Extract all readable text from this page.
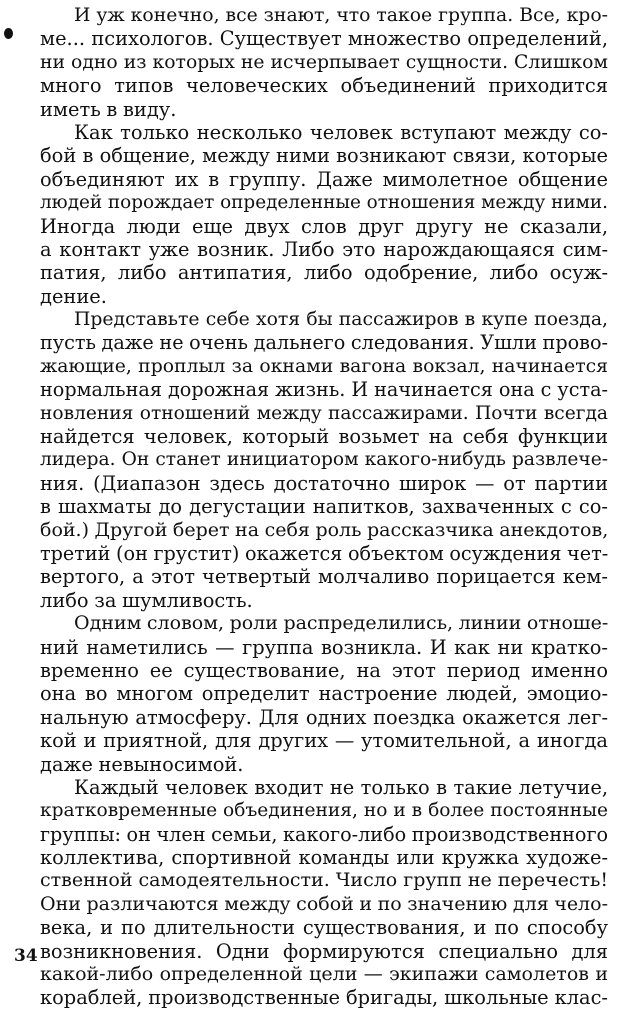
И уж конечно, все знают, что такое группа. Все, кро-
ме... психологов. Существует множество определений,
ни одно из которых не исчерпывает сущности. Слишком
много типов человеческих объединений приходится
иметь в виду.
Как только несколько человек вступают между со-
бой в общение, между ними возникают связи, которые
объединяют их в группу. Даже мимолетное общение
людей порождает определенные отношения между ними.
Иногда люди еще двух слов друг другу не сказали,
а контакт уже возник. Либо это нарождающаяся сим-
патия, либо антипатия, либо одобрение, либо осуж-
дение.
Представьте себе хотя бы пассажиров в купе поезда,
пусть даже не очень дальнего следования. Ушли прово-
жающие, проплыл за окнами вагона вокзал, начинается
нормальная дорожная жизнь. И начинается она с уста-
новления отношений между пассажирами. Почти всегда
найдется человек, который возьмет на себя функции
лидера. Он станет инициатором какого-нибудь развлече-
ния. (Диапазон здесь достаточно широк — от партии
в шахматы до дегустации напитков, захваченных с со-
бой.) Другой берет на себя роль рассказчика анекдотов,
третий (он грустит) окажется объектом осуждения чет-
вертого, а этот четвертый молчаливо порицается кем-
либо за шумливость.
Одним словом, роли распределились, линии отноше-
ний наметились — группа возникла. И как ни кратко-
временно ее существование, на этот период именно
она во многом определит настроение людей, эмоцио-
нальную атмосферу. Для одних поездка окажется лег-
кой и приятной, для других — утомительной, а иногда
даже невыносимой.
Каждый человек входит не только в такие летучие,
кратковременные объединения, но и в более постоянные
группы: он член семьи, какого-либо производственного
коллектива, спортивной команды или кружка художе-
ственной самодеятельности. Число групп не перечесть!
Они различаются между собой и по значению для чело-
века, и по длительности существования, и по способу
возникновения. Одни формируются специально для
какой-либо определенной цели — экипажи самолетов и
кораблей, производственные бригады, школьные клас-
34
